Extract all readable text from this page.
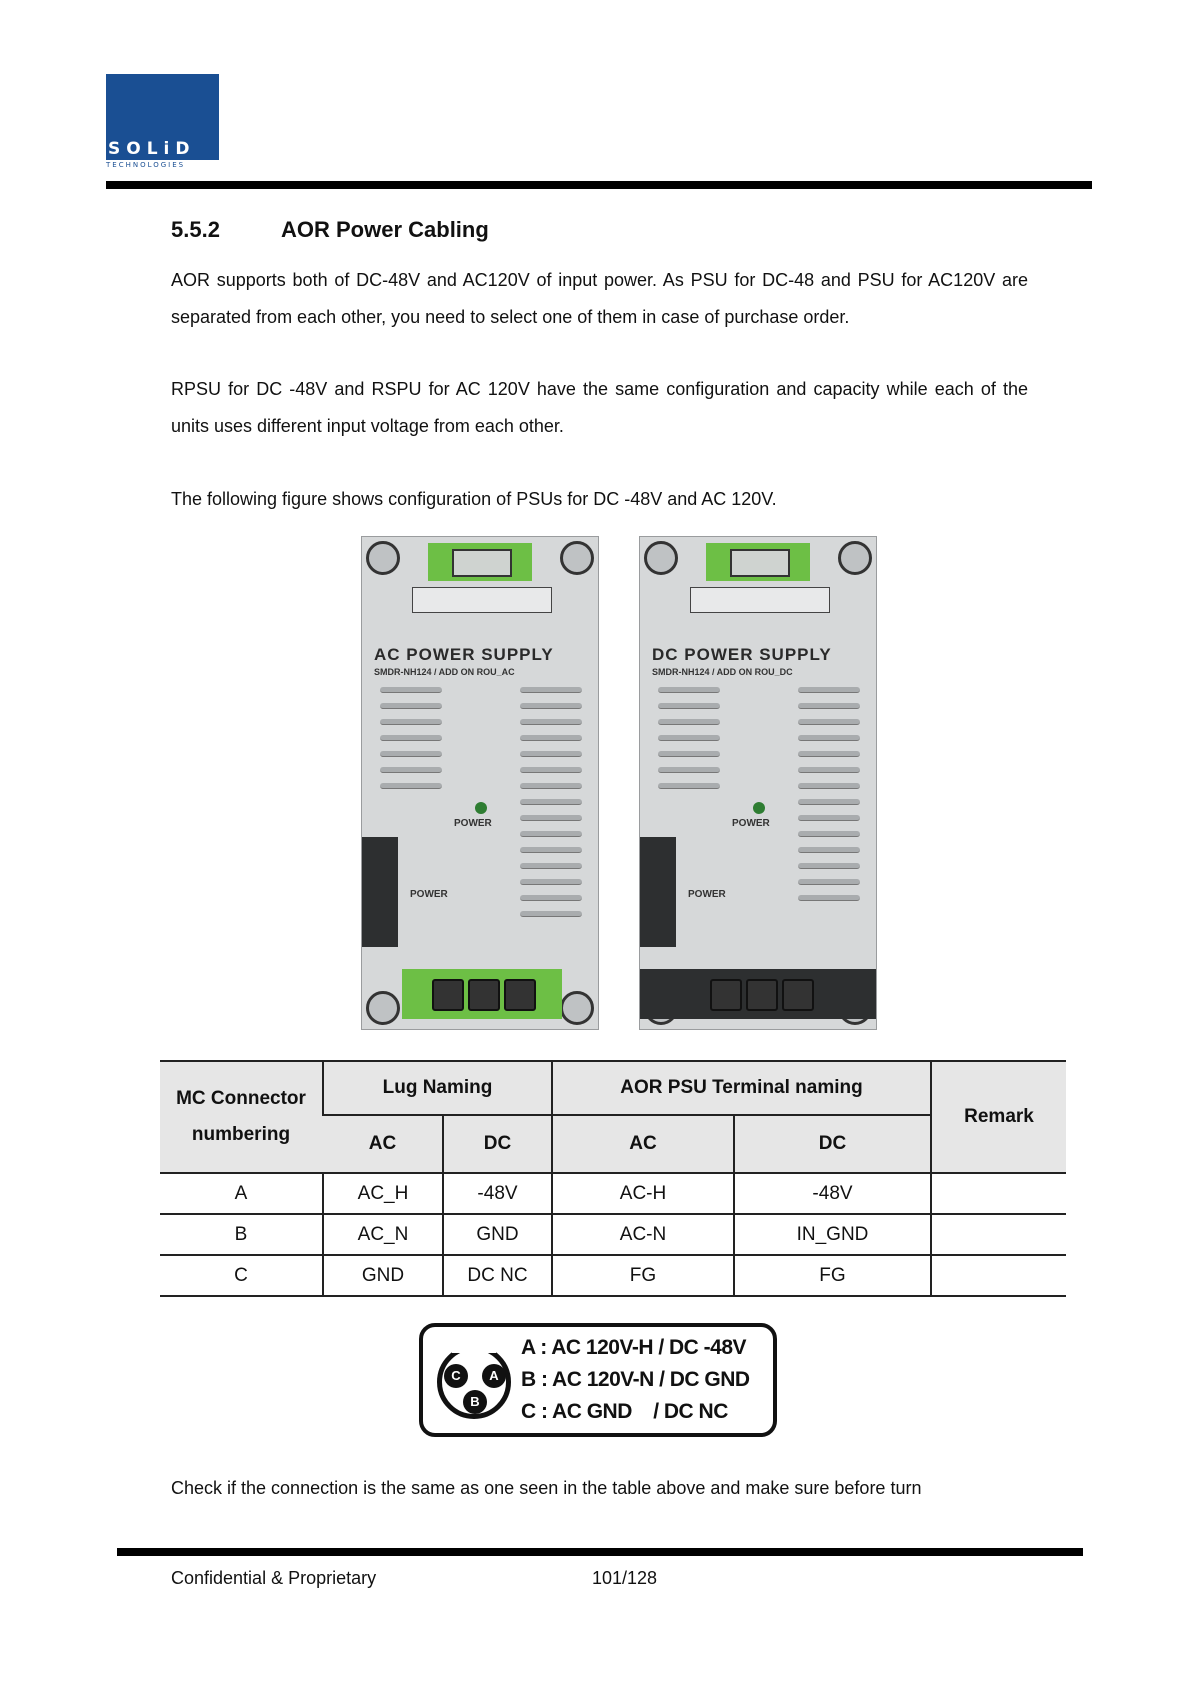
SOLiD
TECHNOLOGIES
5.5.2	AOR Power Cabling
AOR supports both of DC-48V and AC120V of input power. As PSU for DC-48 and PSU for AC120V are separated from each other, you need to select one of them in case of purchase order.
RPSU for DC -48V and RSPU for AC 120V have the same configuration and capacity while each of the units uses different input voltage from each other.
The following figure shows configuration of PSUs for DC -48V and AC 120V.
AC POWER SUPPLY
SMDR-NH124 / ADD ON ROU_AC
POWER
POWER
DC POWER SUPPLY
SMDR-NH124 / ADD ON ROU_DC
POWER
POWER
MC Connector numbering	Lug Naming		AOR PSU Terminal naming		Remark
	AC	DC	AC	DC	
A	AC_H	-48V	AC-H	-48V	
B	AC_N	GND	AC-N	IN_GND	
C	GND	DC NC	FG	FG	
A
C
B
A : AC 120V-H / DC -48V
B : AC 120V-N / DC GND
C : AC GND    / DC NC
Check if the connection is the same as one seen in the table above and make sure before turn
Confidential & Proprietary	101/128
